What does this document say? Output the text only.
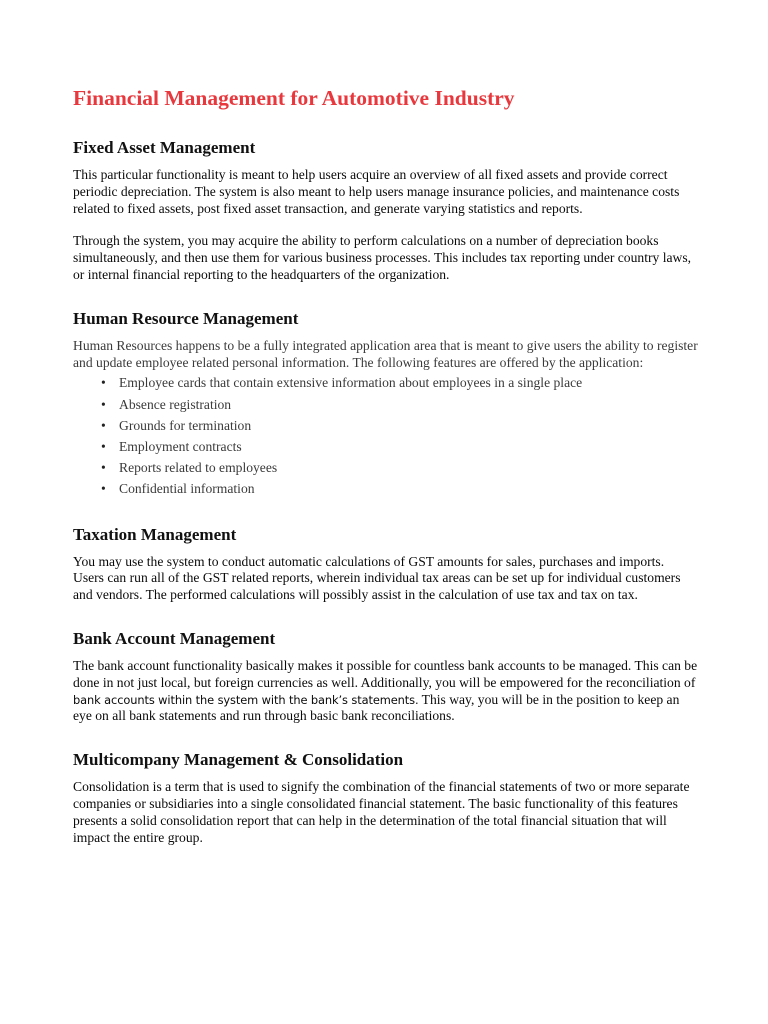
Financial Management for Automotive Industry
Fixed Asset Management

This particular functionality is meant to help users acquire an overview of all fixed assets and provide correct periodic depreciation. The system is also meant to help users manage insurance policies, and maintenance costs related to fixed assets, post fixed asset transaction, and generate varying statistics and reports.

Through the system, you may acquire the ability to perform calculations on a number of depreciation books simultaneously, and then use them for various business processes. This includes tax reporting under country laws, or internal financial reporting to the headquarters of the organization.

Human Resource Management

Human Resources happens to be a fully integrated application area that is meant to give users the ability to register and update employee related personal information. The following features are offered by the application:

• Employee cards that contain extensive information about employees in a single place
• Absence registration
• Grounds for termination
• Employment contracts
• Reports related to employees
• Confidential information
Taxation Management

You may use the system to conduct automatic calculations of GST amounts for sales, purchases and imports. Users can run all of the GST related reports, wherein individual tax areas can be set up for individual customers and vendors. The performed calculations will possibly assist in the calculation of use tax and tax on tax.

Bank Account Management

The bank account functionality basically makes it possible for countless bank accounts to be managed. This can be done in not just local, but foreign currencies as well. Additionally, you will be empowered for the reconciliation of bank accounts within the system with the bank’s statements. This way, you will be in the position to keep an eye on all bank statements and run through basic bank reconciliations.

Multicompany Management & Consolidation

Consolidation is a term that is used to signify the combination of the financial statements of two or more separate companies or subsidiaries into a single consolidated financial statement. The basic functionality of this features presents a solid consolidation report that can help in the determination of the total financial situation that will impact the entire group.
